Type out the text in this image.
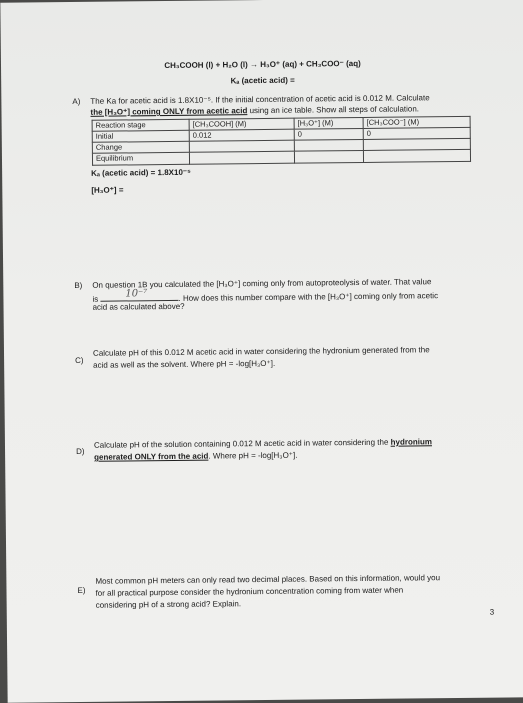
CH₃COOH (l) + H₂O (l) → H₃O⁺ (aq) + CH₃COO⁻ (aq)
Kₐ (acetic acid) =
A) The Ka for acetic acid is 1.8X10⁻⁵. If the initial concentration of acetic acid is 0.012 M. Calculate
the [H₃O⁺] coming ONLY from acetic acid using an ice table. Show all steps of calculation.
Reaction stage	[CH₃COOH] (M)	[H₃O⁺] (M)	[CH₃COO⁻] (M)
Initial	0.012	0	0
Change			
Equilibrium			
Kₐ (acetic acid) = 1.8X10⁻⁵
[H₃O⁺] =
B) On question 1B you calculated the [H₃O⁺] coming only from autoproteolysis of water. That value
is	. How does this number compare with the [H₃O⁺] coming only from acetic
10⁻⁷
acid as calculated above?
C)
Calculate pH of this 0.012 M acetic acid in water considering the hydronium generated from the
acid as well as the solvent. Where pH = -log[H₃O⁺].
D)
Calculate pH of the solution containing 0.012 M acetic acid in water considering the hydronium
generated ONLY from the acid. Where pH = -log[H₃O⁺].
E)
Most common pH meters can only read two decimal places. Based on this information, would you
for all practical purpose consider the hydronium concentration coming from water when
considering pH of a strong acid? Explain.
3
